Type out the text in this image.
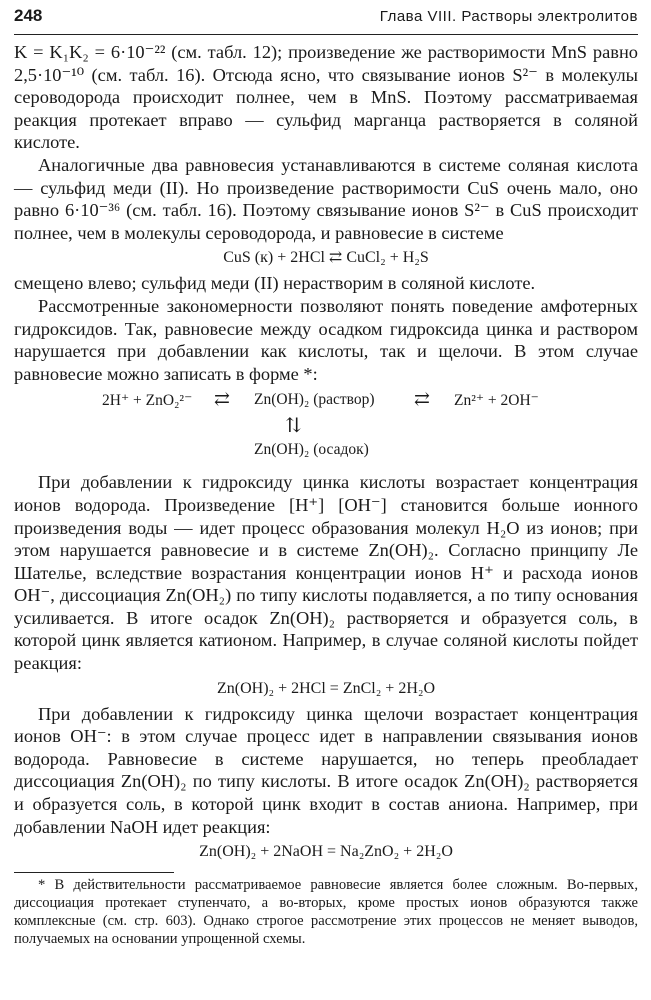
248	Глава VIII. Растворы электролитов

K = K₁K₂ = 6·10⁻²² (см. табл. 12); произведение же растворимости MnS равно 2,5·10⁻¹⁰ (см. табл. 16). Отсюда ясно, что связывание ионов S²⁻ в молекулы сероводорода происходит полнее, чем в MnS. Поэтому рассматриваемая реакция протекает вправо — сульфид марганца растворяется в соляной кислоте.

Аналогичные два равновесия устанавливаются в системе соляная кислота — сульфид меди (II). Но произведение растворимости CuS очень мало, оно равно 6·10⁻³⁶ (см. табл. 16). Поэтому связывание ионов S²⁻ в CuS происходит полнее, чем в молекулы сероводорода, и равновесие в системе

CuS (к) + 2HCl ⇄ CuCl₂ + H₂S

смещено влево; сульфид меди (II) нерастворим в соляной кислоте.

Рассмотренные закономерности позволяют понять поведение амфотерных гидроксидов. Так, равновесие между осадком гидроксида цинка и раствором нарушается при добавлении как кислоты, так и щелочи. В этом случае равновесие можно записать в форме *:

2H⁺ + ZnO₂²⁻ ⇄ Zn(OH)₂ (раствор) ⇄ Zn²⁺ + 2OH⁻
⇅
Zn(OH)₂ (осадок)

При добавлении к гидроксиду цинка кислоты возрастает концентрация ионов водорода. Произведение [H⁺] [OH⁻] становится больше ионного произведения воды — идет процесс образования молекул H₂O из ионов; при этом нарушается равновесие и в системе Zn(OH)₂. Согласно принципу Ле Шателье, вследствие возрастания концентрации ионов H⁺ и расхода ионов OH⁻, диссоциация Zn(OH₂) по типу кислоты подавляется, а по типу основания усиливается. В итоге осадок Zn(OH)₂ растворяется и образуется соль, в которой цинк является катионом. Например, в случае соляной кислоты пойдет реакция:

Zn(OH)₂ + 2HCl = ZnCl₂ + 2H₂O

При добавлении к гидроксиду цинка щелочи возрастает концентрация ионов OH⁻: в этом случае процесс идет в направлении связывания ионов водорода. Равновесие в системе нарушается, но теперь преобладает диссоциация Zn(OH)₂ по типу кислоты. В итоге осадок Zn(OH)₂ растворяется и образуется соль, в которой цинк входит в состав аниона. Например, при добавлении NaOH идет реакция:

Zn(OH)₂ + 2NaOH = Na₂ZnO₂ + 2H₂O

* В действительности рассматриваемое равновесие является более сложным. Во-первых, диссоциация протекает ступенчато, а во-вторых, кроме простых ионов образуются также комплексные (см. стр. 603). Однако строгое рассмотрение этих процессов не меняет выводов, получаемых на основании упрощенной схемы.
